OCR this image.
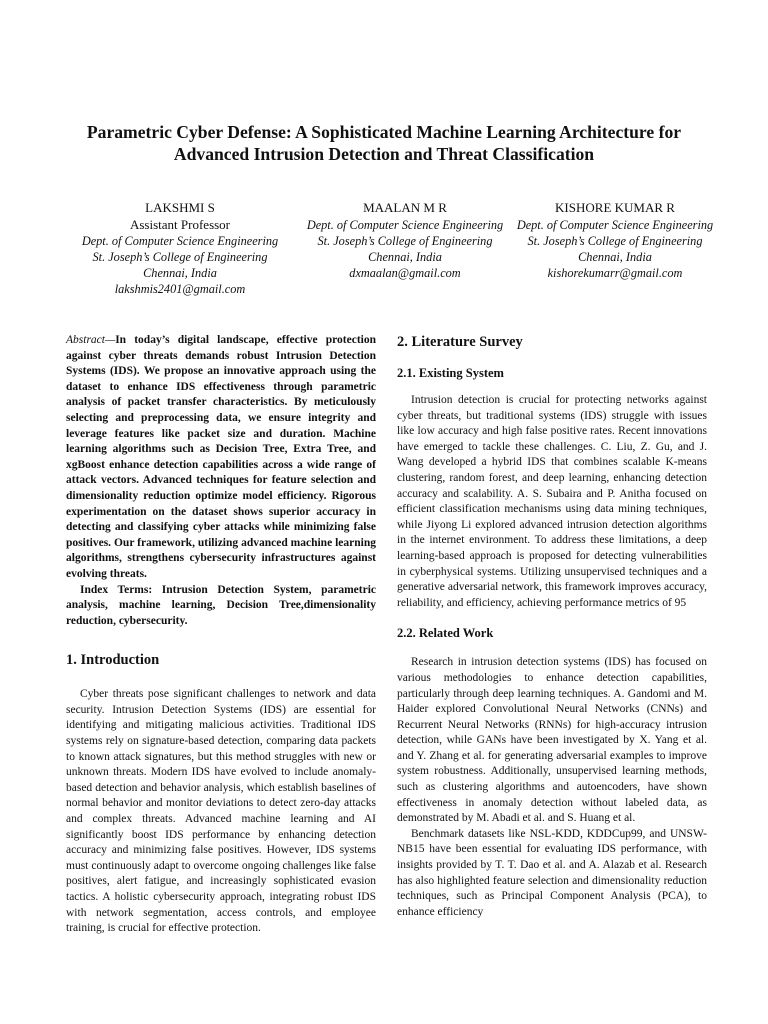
Parametric Cyber Defense: A Sophisticated Machine Learning Architecture for
Advanced Intrusion Detection and Threat Classification
LAKSHMI S
Assistant Professor
Dept. of Computer Science Engineering
St. Joseph’s College of Engineering
Chennai, India
lakshmis2401@gmail.com
MAALAN M R
Dept. of Computer Science Engineering
St. Joseph’s College of Engineering
Chennai, India
dxmaalan@gmail.com
KISHORE KUMAR R
Dept. of Computer Science Engineering
St. Joseph’s College of Engineering
Chennai, India
kishorekumarr@gmail.com

Abstract—In today’s digital landscape, effective protection against cyber threats demands robust Intrusion Detection Systems (IDS). We propose an innovative approach using the dataset to enhance IDS effectiveness through parametric analysis of packet transfer characteristics. By meticulously selecting and preprocessing data, we ensure integrity and leverage features like packet size and duration. Machine learning algorithms such as Decision Tree, Extra Tree, and xgBoost enhance detection capabilities across a wide range of attack vectors. Advanced techniques for feature selection and dimensionality reduction optimize model efficiency. Rigorous experimentation on the dataset shows superior accuracy in detecting and classifying cyber attacks while minimizing false positives. Our framework, utilizing advanced machine learning algorithms, strengthens cybersecurity infrastructures against evolving threats.

Index Terms: Intrusion Detection System, parametric analysis, machine learning, Decision Tree,dimensionality reduction, cybersecurity.

1. Introduction

Cyber threats pose significant challenges to network and data security. Intrusion Detection Systems (IDS) are essential for identifying and mitigating malicious activities. Traditional IDS systems rely on signature-based detection, comparing data packets to known attack signatures, but this method struggles with new or unknown threats. Modern IDS have evolved to include anomaly-based detection and behavior analysis, which establish baselines of normal behavior and monitor deviations to detect zero-day attacks and complex threats. Advanced machine learning and AI significantly boost IDS performance by enhancing detection accuracy and minimizing false positives. However, IDS systems must continuously adapt to overcome ongoing challenges like false positives, alert fatigue, and increasingly sophisticated evasion tactics. A holistic cybersecurity approach, integrating robust IDS with network segmentation, access controls, and employee training, is crucial for effective protection.

2. Literature Survey
2.1. Existing System

Intrusion detection is crucial for protecting networks against cyber threats, but traditional systems (IDS) struggle with issues like low accuracy and high false positive rates. Recent innovations have emerged to tackle these challenges. C. Liu, Z. Gu, and J. Wang developed a hybrid IDS that combines scalable K-means clustering, random forest, and deep learning, enhancing detection accuracy and scalability. A. S. Subaira and P. Anitha focused on efficient classification mechanisms using data mining techniques, while Jiyong Li explored advanced intrusion detection algorithms in the internet environment. To address these limitations, a deep learning-based approach is proposed for detecting vulnerabilities in cyberphysical systems. Utilizing unsupervised techniques and a generative adversarial network, this framework improves accuracy, reliability, and efficiency, achieving performance metrics of 95

2.2. Related Work

Research in intrusion detection systems (IDS) has focused on various methodologies to enhance detection capabilities, particularly through deep learning techniques. A. Gandomi and M. Haider explored Convolutional Neural Networks (CNNs) and Recurrent Neural Networks (RNNs) for high-accuracy intrusion detection, while GANs have been investigated by X. Yang et al. and Y. Zhang et al. for generating adversarial examples to improve system robustness. Additionally, unsupervised learning methods, such as clustering algorithms and autoencoders, have shown effectiveness in anomaly detection without labeled data, as demonstrated by M. Abadi et al. and S. Huang et al.

Benchmark datasets like NSL-KDD, KDDCup99, and UNSW-NB15 have been essential for evaluating IDS performance, with insights provided by T. T. Dao et al. and A. Alazab et al. Research has also highlighted feature selection and dimensionality reduction techniques, such as Principal Component Analysis (PCA), to enhance efficiency
